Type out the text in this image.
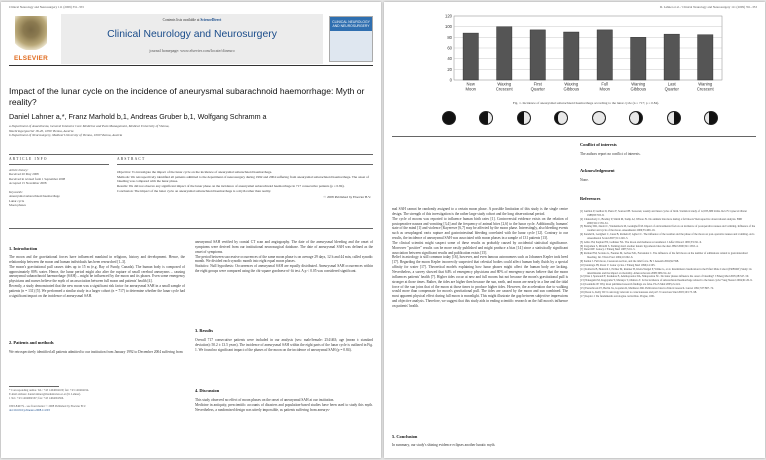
Clinical Neurology and Neurosurgery 111 (2009) 351–353
ELSEVIER
Contents lists available at ScienceDirect
Clinical Neurology and Neurosurgery
journal homepage: www.elsevier.com/locate/clineuro
CLINICAL NEUROLOGY AND NEUROSURGERY
Impact of the lunar cycle on the incidence of aneurysmal subarachnoid haemorrhage: Myth or reality?
Daniel Lahner a,*, Franz Marhold b,1, Andreas Gruber b,1, Wolfgang Schramm a
a Department of Anaesthesia, General Intensive Care Medicine and Pain Management, Medical University of Vienna,
Waehringerguertel 18-20, 1090 Vienna, Austria
b Department of Neurosurgery, Medical University of Vienna, 1090 Vienna, Austria
ARTICLE INFO	ABSTRACT
Article history:
Received 20 May 2008
Received in revised form 1 September 2008
Accepted 15 November 2008
Keywords:
Aneurysmal subarachnoid haemorrhage
Lunar cycle
Moon phases
Objective: To investigate the impact of the lunar cycle on the incidence of aneurysmal subarachnoid haemorrhage.
Methods: We retrospectively identified all patients admitted to the department of neurosurgery during 1992 and 2004 suffering from aneurysmal subarachnoid haemorrhage. The onset of bleeding was compared with the lunar phase.
Results: We did not observe any significant impact of the lunar phase on the incidence of aneurysmal subarachnoid haemorrhage in 717 consecutive patients (p = 0.84).
Conclusion: The impact of the lunar cycle on aneurysmal subarachnoid haemorrhage is a myth rather than reality.
© 2008 Published by Elsevier B.V.
1. Introduction
The moon and the gravitational forces have influenced mankind in religions, history and development. Hence, the relationship between the moon and human individuals has been researched [1–3].
The moon's gravitational pull causes tides up to 15 m (e.g. Bay of Fundy, Canada). The human body is composed of approximately 80% water. Hence, the lunar period might also alter the rupture of small cerebral aneurysms – causing aneurysmal subarachnoid haemorrhage (SAH) – might be influenced by the moon and its phases. Even some emergency physicians and nurses believe the myth of an association between full moon and patients' health [4].
Recently, a study demonstrated that the new moon was a significant risk factor for aneurysmal SAH in a small sample of patients (n = 131) [5]. We performed a similar study in a larger cohort (n = 717) to determine whether the lunar cycle had a significant impact on the incidence of aneurysmal SAH.
2. Patients and methods
We retrospectively identified all patients admitted to our institution from January 1992 to December 2004 suffering from
* Corresponding author. Tel.: +43 1404004100; fax: +43 140404194.
E-mail address: daniel.lahner@meduniwien.ac.at (D. Lahner).
1 Tel.: +43 1404004567; fax: +43 1404004566.
0303-8467/$ – see front matter © 2008 Published by Elsevier B.V.
doi:10.1016/j.clineuro.2008.11.003
aneurysmal SAH verified by cranial CT scan and angiography. The date of the aneurysmal bleeding and the onset of symptoms were derived from our institutional neurosurgical database. The date of aneurysmal SAH was defined as the onset of symptoms.
The period between successive occurrences of the same moon phase is on average 29 days, 12 h and 44 min, called synodic month. We divided each synodic month into eight equal moon phases.
Statistics: Null hypothesis: Occurrences of aneurysmal SAH are equally distributed. Aneurysmal SAH occurrences within the eight groups were compared using the chi-square goodness-of-fit test. A p < 0.05 was considered significant.
3. Results
Overall 717 consecutive patients were included in our analysis (sex: male/female: 254/463; age (mean ± standard deviation): 50.2 ± 13.5 years). The incidence of aneurysmal SAH within the eight parts of the lunar cycle is outlined in Fig. 1. We found no significant impact of the phases of the moon on the incidence of aneurysmal SAH (p = 0.84).
4. Discussion
This study observed no effect of moon phases on the onset of aneurysmal SAH at our institution.
Medicine in antiquity, prescientific accounts of disasters and population-based studies have been used to study this myth. Nevertheless, a randomised design was utterly impossible, as patients suffering from aneurys-
D. Lahner et al. / Clinical Neurology and Neurosurgery 111 (2009) 351–353
0
20
40
60
80
100
120
New Moon
Waxing Crescent
First Quarter
Waxing Gibbous
Full Moon
Waning Gibbous
Last Quarter
Waning Crescent
Fig. 1. Incidence of aneurysmal subarachnoid haemorrhage according to the lunar cycle (n = 717; p = 0.84).
mal SAH cannot be randomly assigned to a certain moon phase. A possible limitation of this study is the single centre design. The strength of this investigation is the rather large study cohort and the long observational period.
The cycle of moons was reported to influence human birth rates [1]. Controversial evidence exists on the relation of postoperative nausea and vomiting [3,4] and the frequency of animal bites [2,6] to the lunar cycle. Additionally, humans' state of the mind [1] and violence [Kayerewe [6,7] may be affected by the moon phase. Interestingly, also bleeding events such as oesophageal varix rupture and gastrointestinal bleeding correlated with the lunar cycle [12]. Contrary to our results, the incidence of aneurysmal SAH was associated with moon phases in a sample of 131 patients [13].
The clinical scientist might suspect some of these results as probably caused by accidental statistical significance. Moreover "positive" results can be more easily published and might produce a bias [14] since a statistically significant association between significant results and publication exists [15].
Belief in astrology is still common today [16], however, and even famous astronomers such as Johannes Kepler took heed [17]. Regarding the moon Kepler incorrectly suspected that celestial bodies could affect human body fluids by a special affinity for water [17]. Theoretical models explaining how lunar phases might affect the human body are lacking. Nevertheless, a survey showed that 64% of emergency physicians and 80% of emergency nurses believe that the moon influences patients' health [7]. Higher tides occur at new and full moons but not because the moon's gravitational pull is stronger at those times. Rather, the tides are higher then because the sun, earth, and moon are nearly in a line and the tidal force of the sun joins that of the moon at those times to produce higher tides. However, the acceleration due to walking would more than compensate for moon's gravitational pull. The tides are caused by the moon and sun combined. The most apparent physical effect during full moon is moonlight. This might illustrate the gap between subjective impressions and objective analysis. Therefore, we suggest that this study aids in ending scientific research on the full moon's influence on patients' health.
5. Conclusion
In summary, our study's shining evidence eclipses another lunatic myth.
Conflict of interests
The authors report no conflict of interests.
Acknowledgement
None.
References
[1] Guillon P, Guillon D, Pierre F, Soutoul JH. Seasonal, weekly and lunar cycles of birth. Statistical study of 12,035,680 births. Rev Fr Gynecol Obstet 1988;83:703–8.
[2] Chakraborty C, Bradley P, Smith M, Sudip AJ, Wilson JS. Do animals bite more during a full moon? Retrospective observational analysis. BMJ 2000;321:1559–61.
[3] Bentley DR, Jakobi C, Wiedenbeck M, Gesinghoff M. Impact of environmental factors on incidence of postoperative nausea and vomiting. Influence of the weather and cycle of the moon. Anaesthesist 2006;55:409–16.
[4] Kendel R, Gerighert C, Jauss B, Romein P, Agha CC. The influence of the weather and the phase of the moon on post-operative nausea and vomiting. Acta Anaesthesiol Scand 2007;51:1220–3.
[5] Arliss JM, Kaplan EN, Galinker NL. The moon and madness reconsidered. J Affect Disord 1995;33:191–9.
[6] Zargomen S, Mirtelli S. Stalking mad: another lunatic hypothesis bites the dust. BMJ 2000;321:1563–4.
[7] Danzl DF. Lunacy. J Emerg Med 1987;5:91–5.
[8] Roman EM, Soriano G, Fuentes M, Galvez ML, Fernandez C. The influence of the full moon on the number of admissions related to gastrointestinal bleeding. Int J Nurs Pract 2004;10:292–6.
[9] Kamat J. Full moon, Caesarean section, and the tidal force. Br J Anaesth 2004;92:598.
[10] Jennings JH, Rossi V. Lunar cycles. J Emerg Med 1996;14:105.
[11] Kollerits B, Heinrich J, Pichler M, Rantner B, Klein-Weigel P, Wölke G, et al. Intermittent claudication in the Erfurt Male Cohort (ERFORT) Study: its determinants and the impact on mortality. Atherosclerosis 2008;198:214–22.
[12] Ilias I, Spanoudi F, Koukkou E, Adamopoulos DA, Nikopoulou SC. Do lunar phases influence the onset of bleeding? J Emerg Med 2005;28:347–50.
[13] Nakagami M, Kageyama Y, Matsuya T, Ohmoto T. Is the incidence of subarachnoid haemorrhage related to the lunar cycle? Surg Neurol 2004;61:26–9.
[14] Ioannidis JP. Why most published research findings are false. PLoS Med 2005;2:e124.
[15] Easterbrook PJ, Berlin JA, Gopalan R, Matthews DR. Publication bias in clinical research. Lancet 1991;337:867–72.
[16] Dean G, Kelly IW. Is astrology relevant to consciousness and psi? J Conscious Stud 2003;10:175–98.
[17] Kepler J. De fundamentis astrologiae certioribus. Prague, 1601.
